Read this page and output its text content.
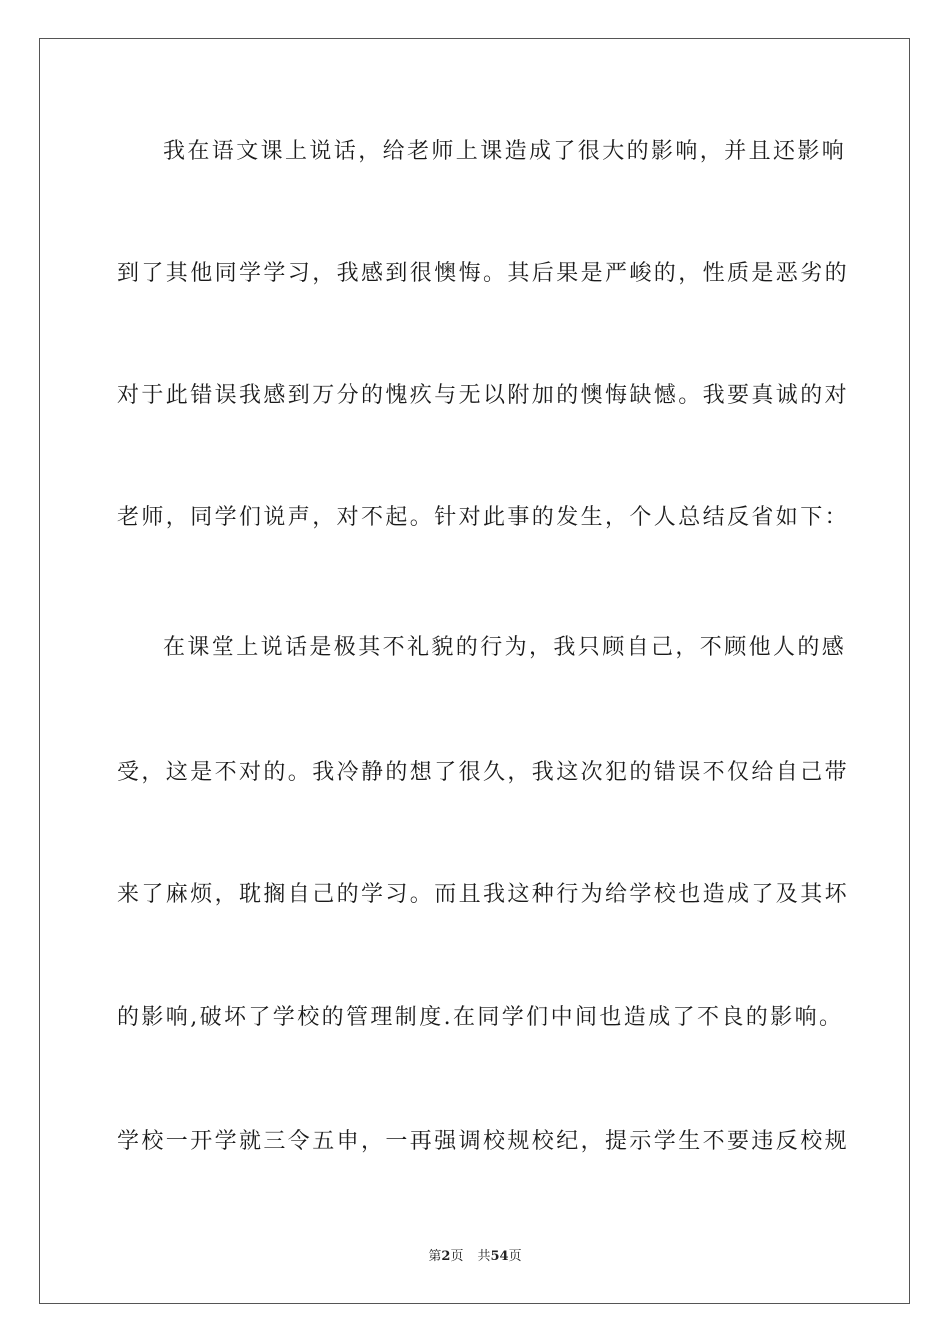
我在语文课上说话，给老师上课造成了很大的影响，并且还影响
到了其他同学学习，我感到很懊悔。其后果是严峻的，性质是恶劣的
对于此错误我感到万分的愧疚与无以附加的懊悔缺憾。我要真诚的对
老师，同学们说声，对不起。针对此事的发生，个人总结反省如下：
在课堂上说话是极其不礼貌的行为，我只顾自己，不顾他人的感
受，这是不对的。我冷静的想了很久，我这次犯的错误不仅给自己带
来了麻烦，耽搁自己的学习。而且我这种行为给学校也造成了及其坏
的影响,破坏了学校的管理制度.在同学们中间也造成了不良的影响。
学校一开学就三令五申，一再强调校规校纪，提示学生不要违反校规
第2页 共54页
